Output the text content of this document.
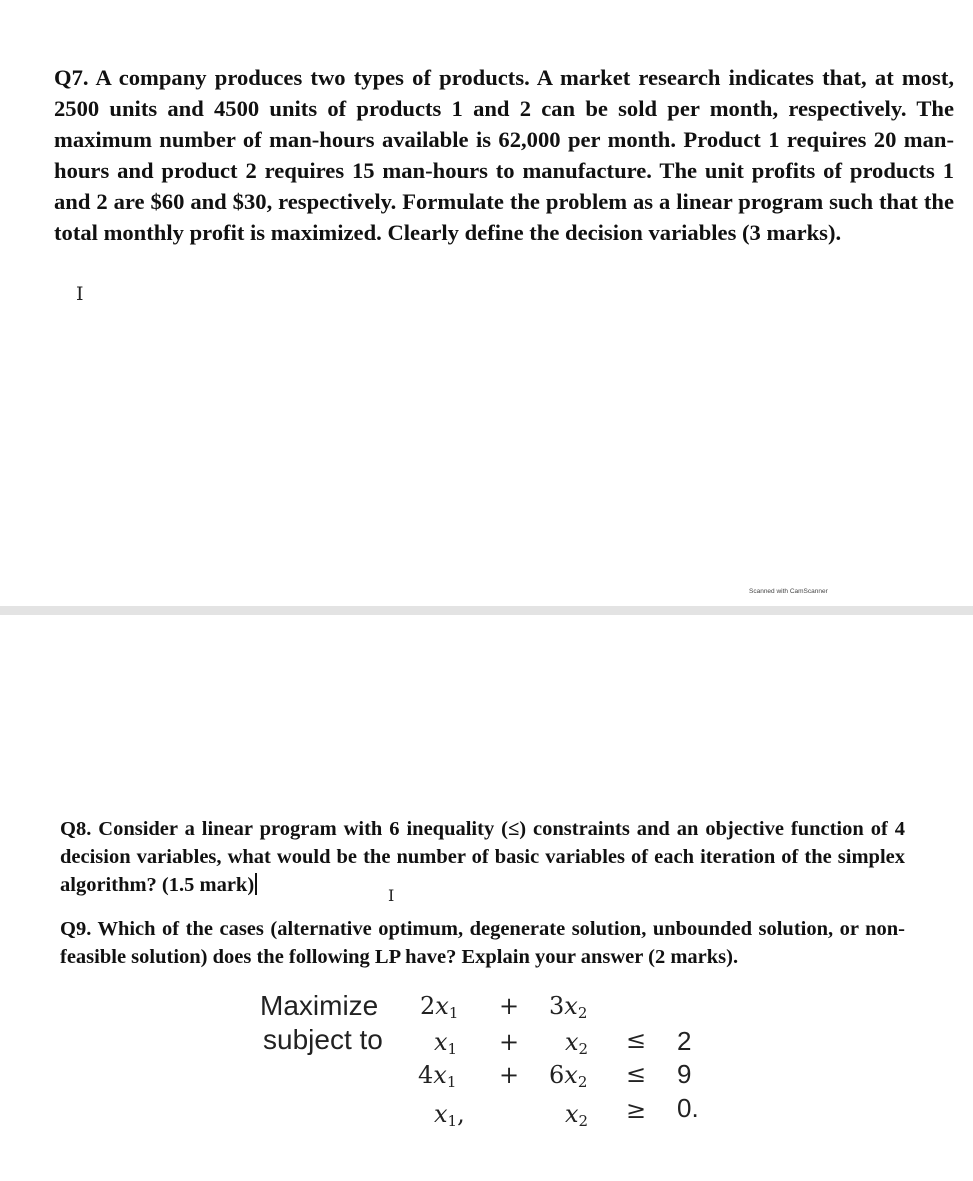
Q7. A company produces two types of products. A market research indicates that, at most, 2500 units and 4500 units of products 1 and 2 can be sold per month, respectively. The maximum number of man-hours available is 62,000 per month. Product 1 requires 20 man-hours and product 2 requires 15 man-hours to manufacture. The unit profits of products 1 and 2 are $60 and $30, respectively. Formulate the problem as a linear program such that the total monthly profit is maximized. Clearly define the decision variables (3 marks).

I
Scanned with CamScanner

Q8. Consider a linear program with 6 inequality (≤) constraints and an objective function of 4 decision variables, what would be the number of basic variables of each iteration of the simplex algorithm? (1.5 mark)	I

Q9. Which of the cases (alternative optimum, degenerate solution, unbounded solution, or non-feasible solution) does the following LP have? Explain your answer (2 marks).

Maximize $2x_1 + 3x_2$
subject to $x_1 + x_2 \le 2$
$4x_1 + 6x_2 \le 9$
$x_1$,	$x_2 \ge 0$.
